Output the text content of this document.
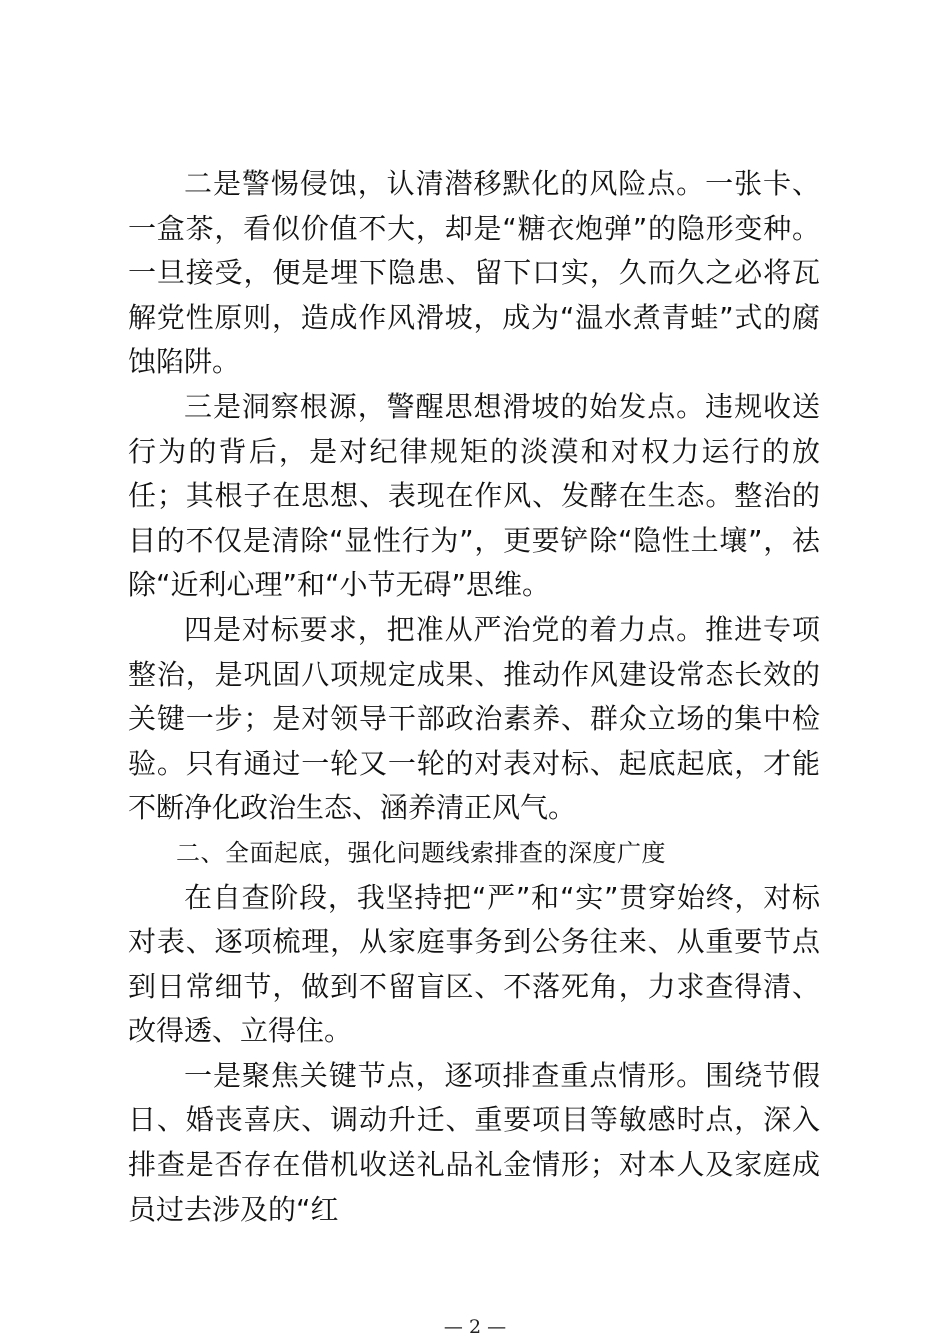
二是警惕侵蚀，认清潜移默化的风险点。一张卡、一盒茶，看似价值不大，却是“糖衣炮弹”的隐形变种。一旦接受，便是埋下隐患、留下口实，久而久之必将瓦解党性原则，造成作风滑坡，成为“温水煮青蛙”式的腐蚀陷阱。

三是洞察根源，警醒思想滑坡的始发点。违规收送行为的背后，是对纪律规矩的淡漠和对权力运行的放任；其根子在思想、表现在作风、发酵在生态。整治的目的不仅是清除“显性行为”，更要铲除“隐性土壤”，祛除“近利心理”和“小节无碍”思维。

四是对标要求，把准从严治党的着力点。推进专项整治，是巩固八项规定成果、推动作风建设常态长效的关键一步；是对领导干部政治素养、群众立场的集中检验。只有通过一轮又一轮的对表对标、起底起底，才能不断净化政治生态、涵养清正风气。

二、全面起底，强化问题线索排查的深度广度

在自查阶段，我坚持把“严”和“实”贯穿始终，对标对表、逐项梳理，从家庭事务到公务往来、从重要节点到日常细节，做到不留盲区、不落死角，力求查得清、改得透、立得住。

一是聚焦关键节点，逐项排查重点情形。围绕节假日、婚丧喜庆、调动升迁、重要项目等敏感时点，深入排查是否存在借机收送礼品礼金情形；对本人及家庭成员过去涉及的“红

— 2 —
